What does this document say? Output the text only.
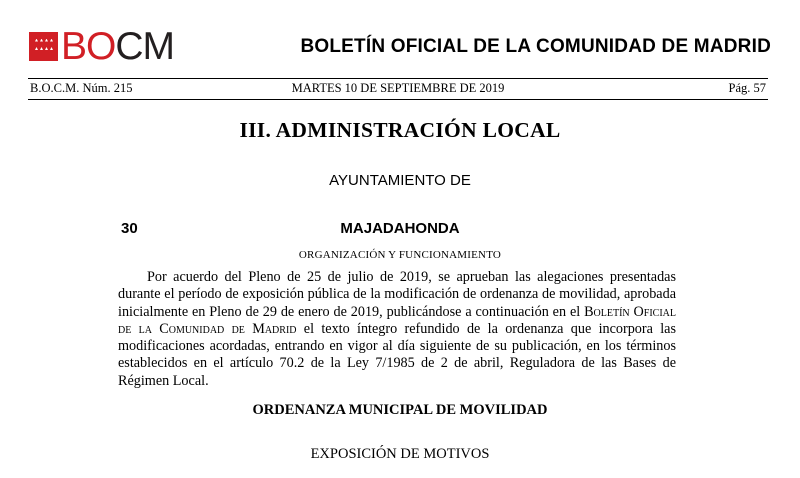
BOCM	BOLETÍN OFICIAL DE LA COMUNIDAD DE MADRID
B.O.C.M. Núm. 215	MARTES 10 DE SEPTIEMBRE DE 2019	Pág. 57
III. ADMINISTRACIÓN LOCAL
AYUNTAMIENTO DE
MAJADAHONDA
30
ORGANIZACIÓN Y FUNCIONAMIENTO

Por acuerdo del Pleno de 25 de julio de 2019, se aprueban las alegaciones presentadas durante el período de exposición pública de la modificación de ordenanza de movilidad, aprobada inicialmente en Pleno de 29 de enero de 2019, publicándose a continuación en el Boletín Oficial de la Comunidad de Madrid el texto íntegro refundido de la ordenanza que incorpora las modificaciones acordadas, entrando en vigor al día siguiente de su publicación, en los términos establecidos en el artículo 70.2 de la Ley 7/1985 de 2 de abril, Reguladora de las Bases de Régimen Local.

ORDENANZA MUNICIPAL DE MOVILIDAD
EXPOSICIÓN DE MOTIVOS
